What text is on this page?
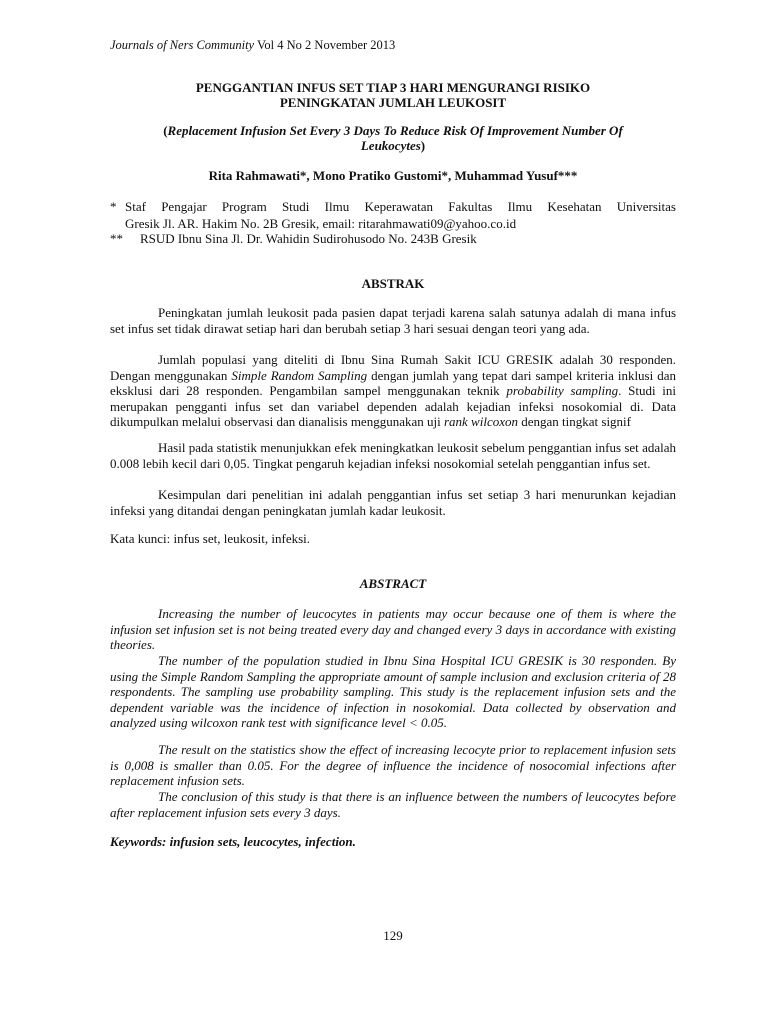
Journals of Ners Community Vol 4 No 2 November 2013
PENGGANTIAN INFUS SET TIAP 3 HARI MENGURANGI RISIKO
PENINGKATAN JUMLAH LEUKOSIT
(Replacement Infusion Set Every 3 Days To Reduce Risk Of Improvement Number Of
Leukocytes)
Rita Rahmawati*, Mono Pratiko Gustomi*, Muhammad Yusuf***
* Staf Pengajar Program Studi Ilmu Keperawatan Fakultas Ilmu Kesehatan Universitas
Gresik Jl. AR. Hakim No. 2B Gresik, email: ritarahmawati09@yahoo.co.id
**	RSUD Ibnu Sina Jl. Dr. Wahidin Sudirohusodo No. 243B Gresik
ABSTRAK

Peningkatan jumlah leukosit pada pasien dapat terjadi karena salah satunya adalah di mana infus set infus set tidak dirawat setiap hari dan berubah setiap 3 hari sesuai dengan teori yang ada.

Jumlah populasi yang diteliti di Ibnu Sina Rumah Sakit ICU GRESIK adalah 30 responden. Dengan menggunakan Simple Random Sampling dengan jumlah yang tepat dari sampel kriteria inklusi dan eksklusi dari 28 responden. Pengambilan sampel menggunakan teknik probability sampling. Studi ini merupakan pengganti infus set dan variabel dependen adalah kejadian infeksi nosokomial di. Data dikumpulkan melalui observasi dan dianalisis menggunakan uji rank wilcoxon dengan tingkat signif

Hasil pada statistik menunjukkan efek meningkatkan leukosit sebelum penggantian infus set adalah 0.008 lebih kecil dari 0,05. Tingkat pengaruh kejadian infeksi nosokomial setelah penggantian infus set.

Kesimpulan dari penelitian ini adalah penggantian infus set setiap 3 hari menurunkan kejadian infeksi yang ditandai dengan peningkatan jumlah kadar leukosit.

Kata kunci: infus set, leukosit, infeksi.
ABSTRACT

Increasing the number of leucocytes in patients may occur because one of them is where the infusion set infusion set is not being treated every day and changed every 3 days in accordance with existing theories.

The number of the population studied in Ibnu Sina Hospital ICU GRESIK is 30 responden. By using the Simple Random Sampling the appropriate amount of sample inclusion and exclusion criteria of 28 respondents. The sampling use probability sampling. This study is the replacement infusion sets and the dependent variable was the incidence of infection in nosokomial. Data collected by observation and analyzed using wilcoxon rank test with significance level < 0.05.

The result on the statistics show the effect of increasing lecocyte prior to replacement infusion sets is 0,008 is smaller than 0.05. For the degree of influence the incidence of nosocomial infections after replacement infusion sets.

The conclusion of this study is that there is an influence between the numbers of leucocytes before after replacement infusion sets every 3 days.

Keywords: infusion sets, leucocytes, infection.
129
